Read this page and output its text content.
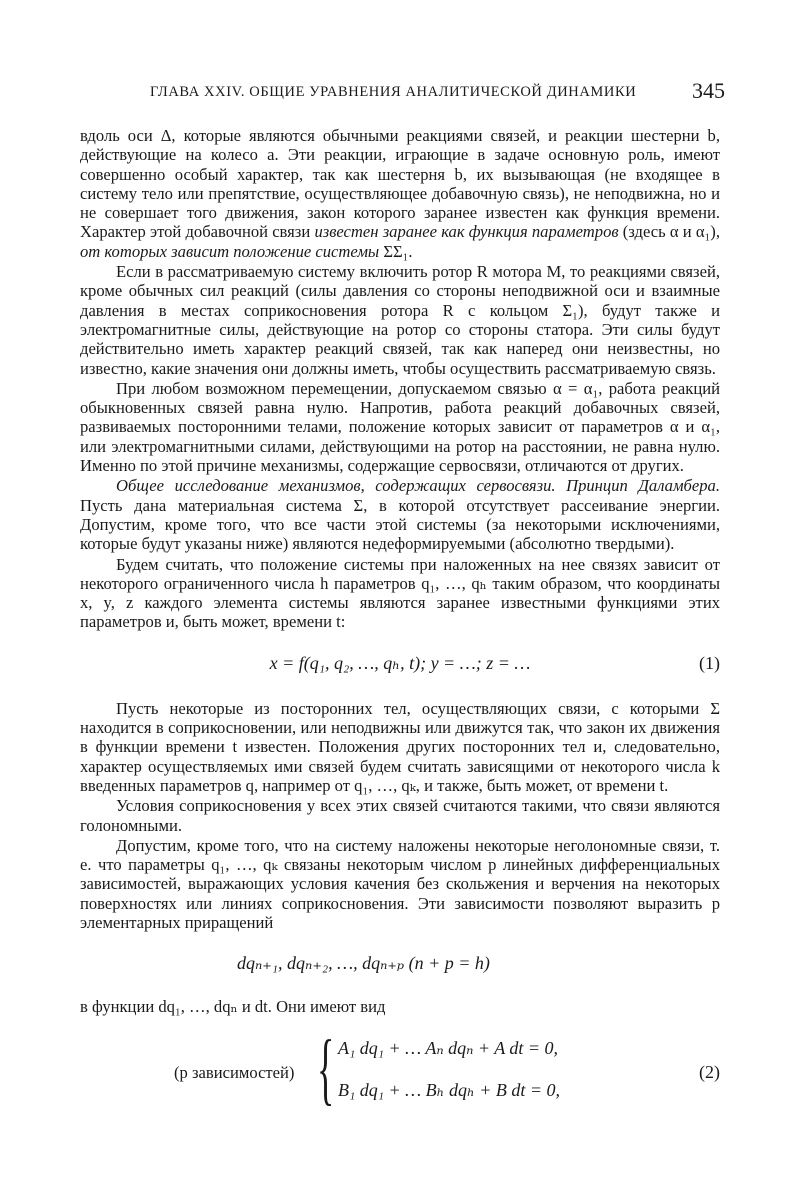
ГЛАВА XXIV. ОБЩИЕ УРАВНЕНИЯ АНАЛИТИЧЕСКОЙ ДИНАМИКИ	345

вдоль оси Δ, которые являются обычными реакциями связей, и реакции шестерни b, действующие на колесо a. Эти реакции, играющие в задаче основную роль, имеют совершенно особый характер, так как шестерня b, их вызывающая (не входящее в систему тело или препятствие, осуществляющее добавочную связь), не неподвижна, но и не совершает того движения, закон которого заранее известен как функция времени. Характер этой добавочной связи известен заранее как функция параметров (здесь α и α₁), от которых зависит положение системы ΣΣ₁.

Если в рассматриваемую систему включить ротор R мотора M, то реакциями связей, кроме обычных сил реакций (силы давления со стороны неподвижной оси и взаимные давления в местах соприкосновения ротора R с кольцом Σ₁), будут также и электромагнитные силы, действующие на ротор со стороны статора. Эти силы будут действительно иметь характер реакций связей, так как наперед они неизвестны, но известно, какие значения они должны иметь, чтобы осуществить рассматриваемую связь.

При любом возможном перемещении, допускаемом связью α = α₁, работа реакций обыкновенных связей равна нулю. Напротив, работа реакций добавочных связей, развиваемых посторонними телами, положение которых зависит от параметров α и α₁, или электромагнитными силами, действующими на ротор на расстоянии, не равна нулю. Именно по этой причине механизмы, содержащие сервосвязи, отличаются от других.

Общее исследование механизмов, содержащих сервосвязи. Принцип Даламбера. Пусть дана материальная система Σ, в которой отсутствует рассеивание энергии. Допустим, кроме того, что все части этой системы (за некоторыми исключениями, которые будут указаны ниже) являются недеформируемыми (абсолютно твердыми).

Будем считать, что положение системы при наложенных на нее связях зависит от некоторого ограниченного числа h параметров q₁, …, qₕ таким образом, что координаты x, y, z каждого элемента системы являются заранее известными функциями этих параметров и, быть может, времени t:

x = f(q₁, q₂, …, qₕ, t); y = …; z = …	(1)

Пусть некоторые из посторонних тел, осуществляющих связи, с которыми Σ находится в соприкосновении, или неподвижны или движутся так, что закон их движения в функции времени t известен. Положения других посторонних тел и, следовательно, характер осуществляемых ими связей будем считать зависящими от некоторого числа k введенных параметров q, например от q₁, …, qₖ, и также, быть может, от времени t.

Условия соприкосновения у всех этих связей считаются такими, что связи являются голономными.

Допустим, кроме того, что на систему наложены некоторые неголономные связи, т. е. что параметры q₁, …, qₖ связаны некоторым числом p линейных дифференциальных зависимостей, выражающих условия качения без скольжения и верчения на некоторых поверхностях или линиях соприкосновения. Эти зависимости позволяют выразить p элементарных приращений

dqₙ₊₁, dqₙ₊₂, …, dqₙ₊ₚ (n + p = h)

в функции dq₁, …, dqₙ и dt. Они имеют вид

(p зависимостей) { A₁ dq₁ + … Aₙ dqₙ + A dt = 0,
B₁ dq₁ + … Bₕ dqₕ + B dt = 0,
(2)
